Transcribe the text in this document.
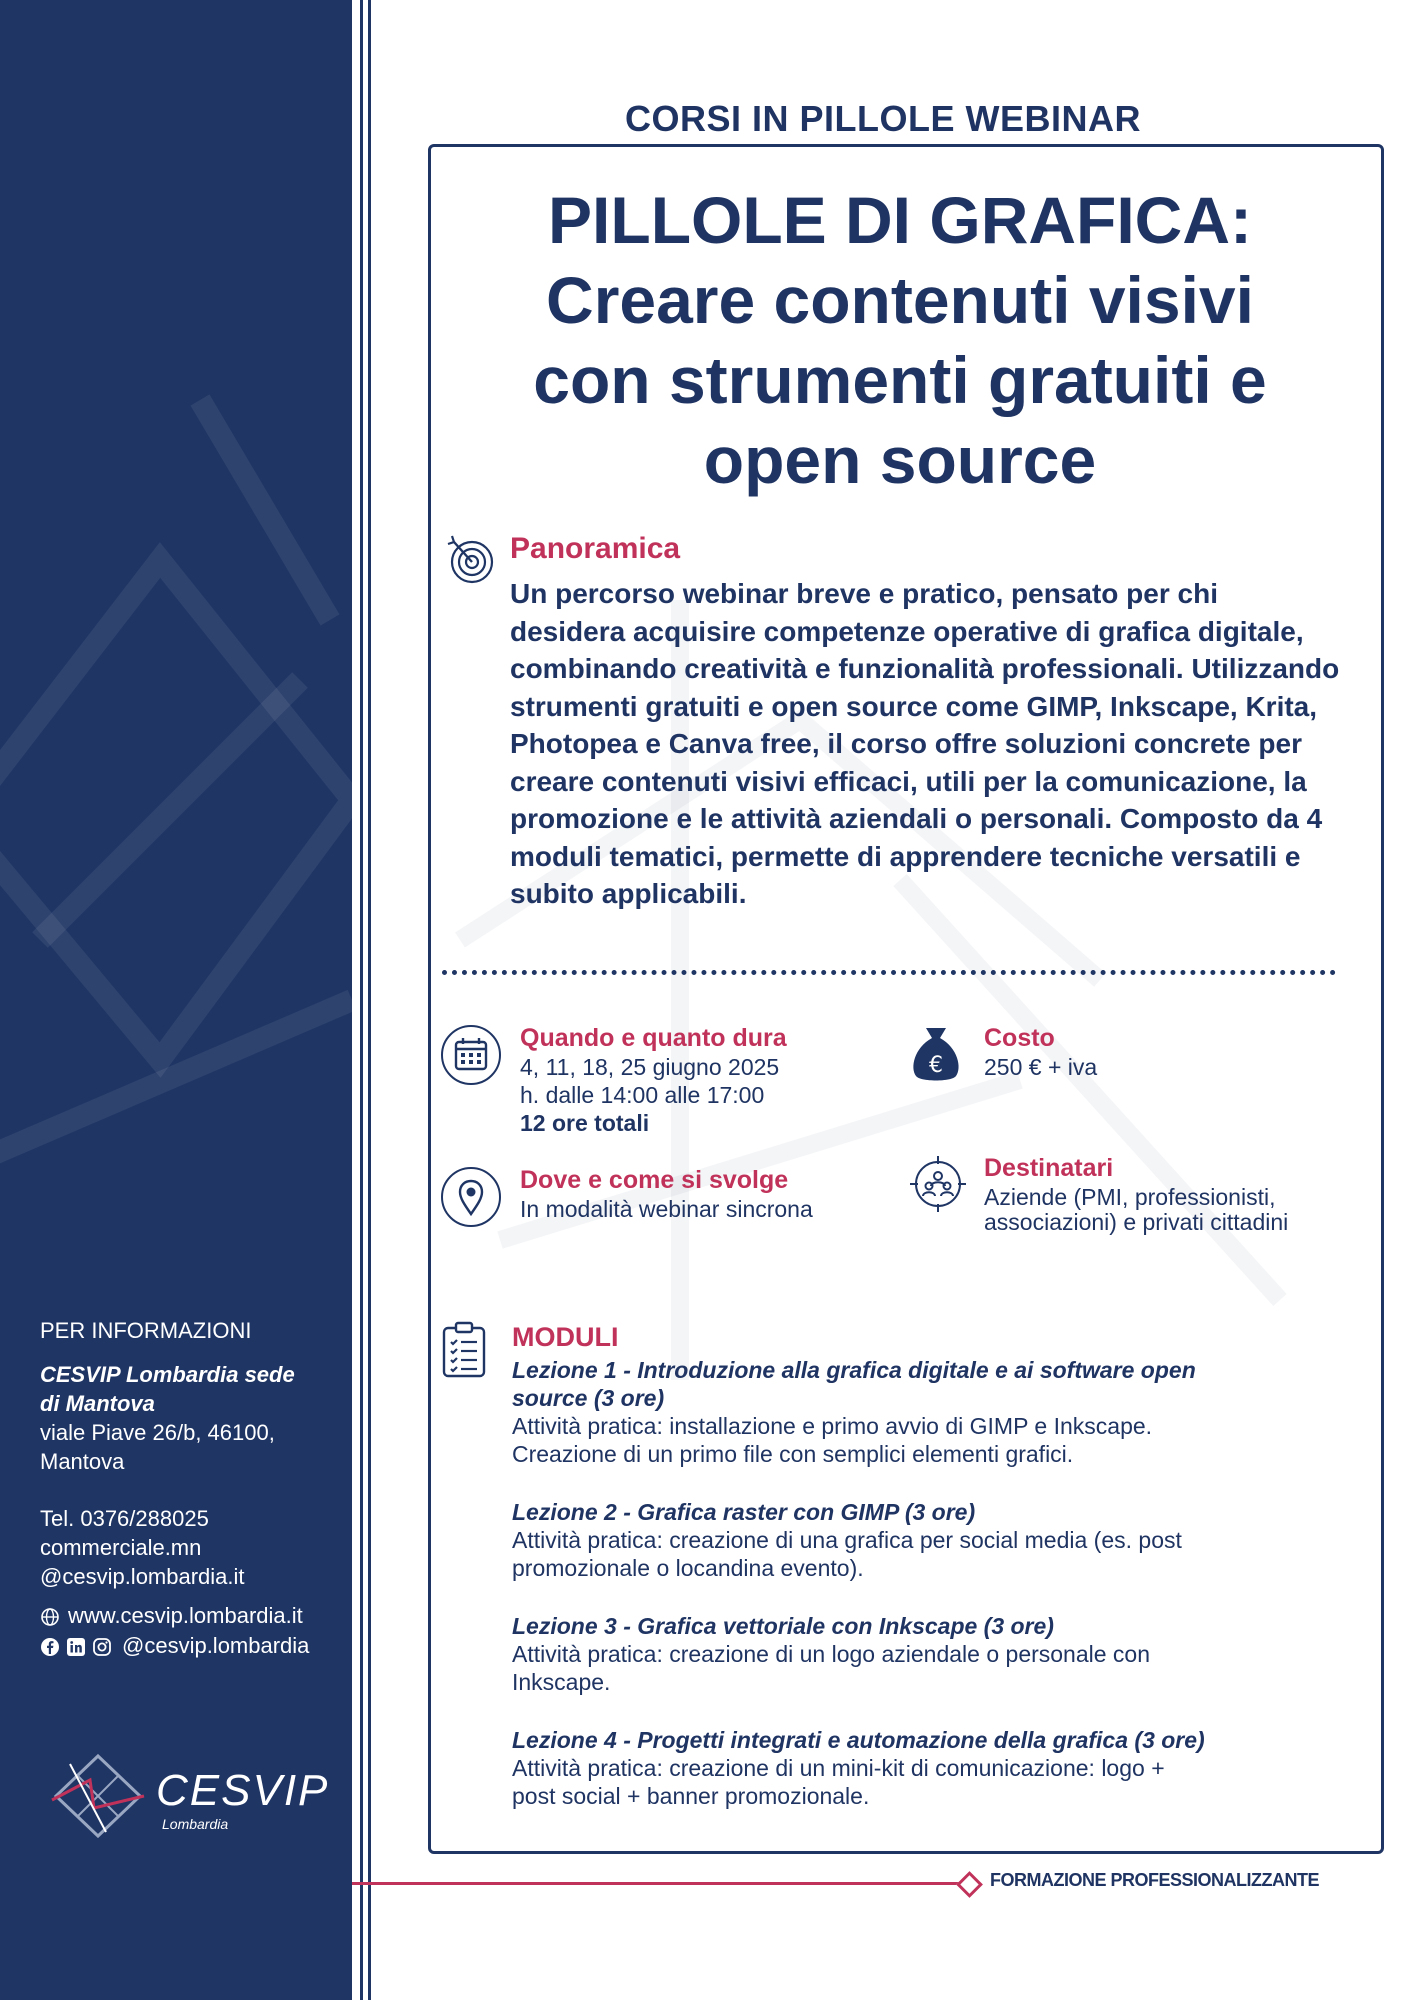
PER INFORMAZIONI
CESVIP Lombardia sede
di Mantova
viale Piave 26/b, 46100,
Mantova
Tel. 0376/288025
commerciale.mn
@cesvip.lombardia.it
www.cesvip.lombardia.it
@cesvip.lombardia
CESVIP
Lombardia
CORSI IN PILLOLE WEBINAR
PILLOLE DI GRAFICA:
Creare contenuti visivi
con strumenti gratuiti e
open source
Panoramica

Un percorso webinar breve e pratico, pensato per chi desidera acquisire competenze operative di grafica digitale, combinando creatività e funzionalità professionali. Utilizzando strumenti gratuiti e open source come GIMP, Inkscape, Krita, Photopea e Canva free, il corso offre soluzioni concrete per creare contenuti visivi efficaci, utili per la comunicazione, la promozione e le attività aziendali o personali. Composto da 4 moduli tematici, permette di apprendere tecniche versatili e subito applicabili.

Quando e quanto dura
4, 11, 18, 25 giugno 2025
h. dalle 14:00 alle 17:00
12 ore totali
€
Costo
250 € + iva
Dove e come si svolge
In modalità webinar sincrona
Destinatari
Aziende (PMI, professionisti,
associazioni) e privati cittadini
MODULI
Lezione 1 - Introduzione alla grafica digitale e ai software open
source (3 ore)
Attività pratica: installazione e primo avvio di GIMP e Inkscape.
Creazione di un primo file con semplici elementi grafici.
Lezione 2 - Grafica raster con GIMP (3 ore)
Attività pratica: creazione di una grafica per social media (es. post
promozionale o locandina evento).
Lezione 3 - Grafica vettoriale con Inkscape (3 ore)
Attività pratica: creazione di un logo aziendale o personale con
Inkscape.
Lezione 4 - Progetti integrati e automazione della grafica (3 ore)
Attività pratica: creazione di un mini-kit di comunicazione: logo +
post social + banner promozionale.
FORMAZIONE PROFESSIONALIZZANTE
